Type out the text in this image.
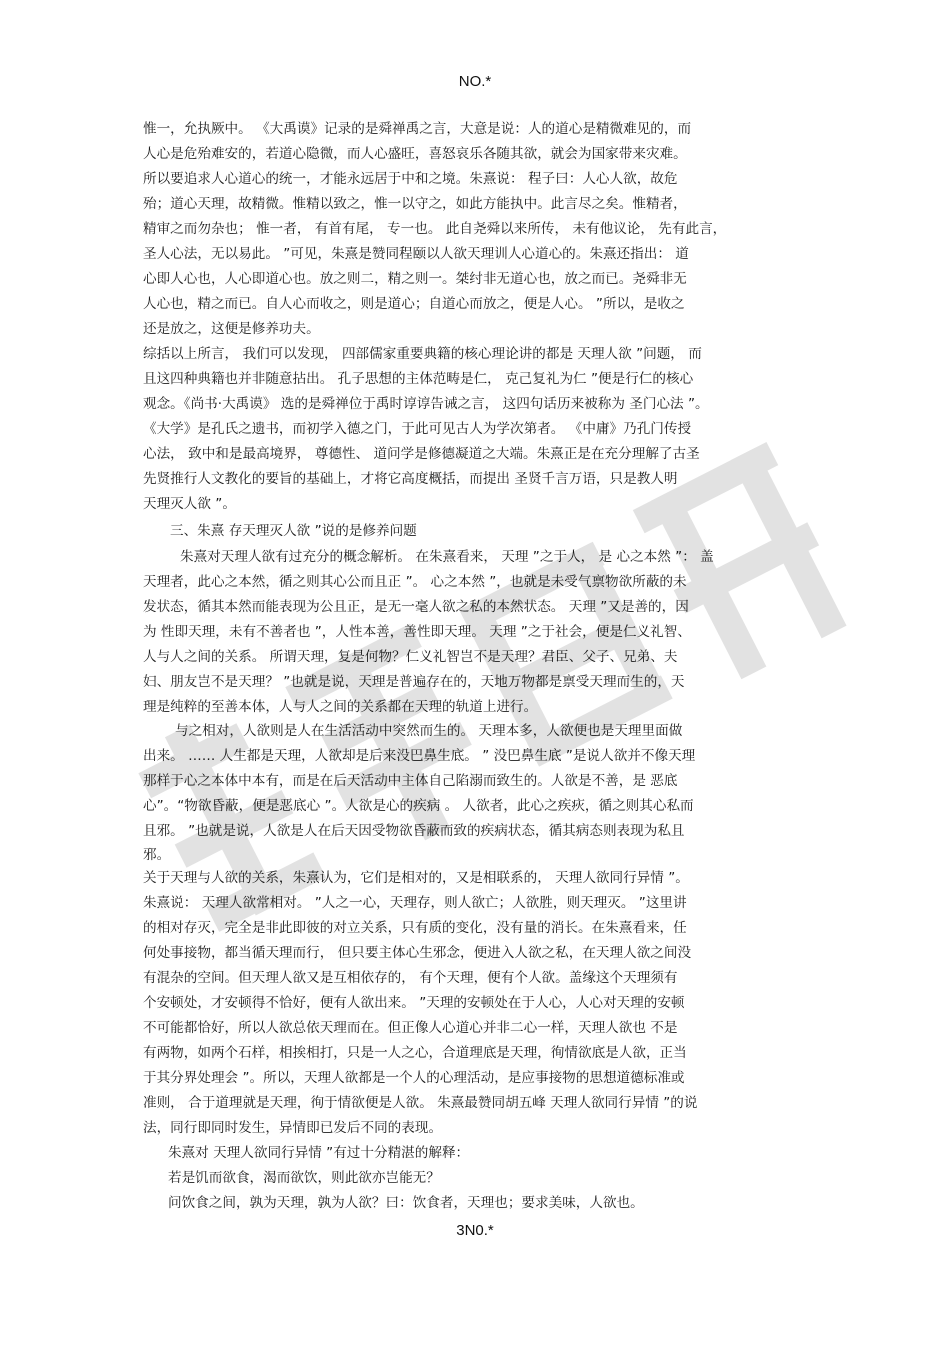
NO.*
惟一，允执厥中。 《大禹谟》记录的是舜禅禹之言，大意是说：人的道心是精微难见的，而
人心是危殆难安的，若道心隐微，而人心盛旺，喜怒哀乐各随其欲，就会为国家带来灾难。
所以要追求人心道心的统一，才能永远居于中和之境。朱熹说： 程子曰：人心人欲，故危
殆；道心天理，故精微。惟精以致之，惟一以守之，如此方能执中。此言尽之矣。惟精者，
精审之而勿杂也； 惟一者， 有首有尾， 专一也。 此自尧舜以来所传， 未有他议论， 先有此言，
圣人心法，无以易此。 ”可见，朱熹是赞同程颐以人欲天理训人心道心的。朱熹还指出： 道
心即人心也，人心即道心也。放之则二，精之则一。桀纣非无道心也，放之而已。尧舜非无
人心也，精之而已。自人心而收之，则是道心；自道心而放之，便是人心。 ”所以，是收之
还是放之，这便是修养功夫。
综括以上所言， 我们可以发现， 四部儒家重要典籍的核心理论讲的都是 天理人欲 ”问题， 而
且这四种典籍也并非随意拈出。 孔子思想的主体范畴是仁， 克己复礼为仁 ”便是行仁的核心
观念。《尚书·大禹谟》 选的是舜禅位于禹时谆谆告诫之言， 这四句话历来被称为 圣门心法 ”。
《大学》是孔氏之遗书，而初学入德之门，于此可见古人为学次第者。 《中庸》乃孔门传授
心法， 致中和是最高境界， 尊德性、 道问学是修德凝道之大端。朱熹正是在充分理解了古圣
先贤推行人文教化的要旨的基础上，才将它高度概括，而提出 圣贤千言万语，只是教人明
天理灭人欲 ”。
三、朱熹 存天理灭人欲 ”说的是修养问题
朱熹对天理人欲有过充分的概念解析。 在朱熹看来， 天理 ”之于人， 是 心之本然 ”： 盖
天理者，此心之本然，循之则其心公而且正 ”。 心之本然 ”，也就是未受气禀物欲所蔽的未
发状态，循其本然而能表现为公且正，是无一毫人欲之私的本然状态。 天理 ”又是善的，因
为 性即天理，未有不善者也 ”，人性本善，善性即天理。 天理 ”之于社会，便是仁义礼智、
人与人之间的关系。 所谓天理，复是何物？仁义礼智岂不是天理？君臣、父子、兄弟、夫
妇、朋友岂不是天理？ ”也就是说，天理是普遍存在的，天地万物都是禀受天理而生的，天
理是纯粹的至善本体，人与人之间的关系都在天理的轨道上进行。
与之相对，人欲则是人在生活活动中突然而生的。 天理本多，人欲便也是天理里面做
出来。 …… 人生都是天理，人欲却是后来没巴鼻生底。 ” 没巴鼻生底 ”是说人欲并不像天理
那样于心之本体中本有，而是在后天活动中主体自己陷溺而致生的。人欲是不善，是 恶底
心”。“物欲昏蔽，便是恶底心 ”。人欲是心的疾病 。 人欲者，此心之疾疢，循之则其心私而
且邪。 ”也就是说，人欲是人在后天因受物欲昏蔽而致的疾病状态，循其病态则表现为私且
邪。
关于天理与人欲的关系，朱熹认为，它们是相对的，又是相联系的， 天理人欲同行异情 ”。
朱熹说： 天理人欲常相对。 ”人之一心，天理存，则人欲亡；人欲胜，则天理灭。 ”这里讲
的相对存灭，完全是非此即彼的对立关系，只有质的变化，没有量的消长。在朱熹看来，任
何处事接物，都当循天理而行， 但只要主体心生邪念，便进入人欲之私，在天理人欲之间没
有混杂的空间。但天理人欲又是互相依存的， 有个天理，便有个人欲。盖缘这个天理须有
个安顿处，才安顿得不恰好，便有人欲出来。 ”天理的安顿处在于人心，人心对天理的安顿
不可能都恰好，所以人欲总依天理而在。但正像人心道心并非二心一样，天理人欲也 不是
有两物，如两个石样，相挨相打，只是一人之心，合道理底是天理，徇情欲底是人欲，正当
于其分界处理会 ”。所以，天理人欲都是一个人的心理活动，是应事接物的思想道德标准或
准则， 合于道理就是天理，徇于情欲便是人欲。 朱熹最赞同胡五峰 天理人欲同行异情 ”的说
法，同行即同时发生，异情即已发后不同的表现。
朱熹对 天理人欲同行异情 ”有过十分精湛的解释：
若是饥而欲食，渴而欲饮，则此欲亦岂能无？
问饮食之间，孰为天理，孰为人欲？曰：饮食者，天理也；要求美味，人欲也。
3N0.*
